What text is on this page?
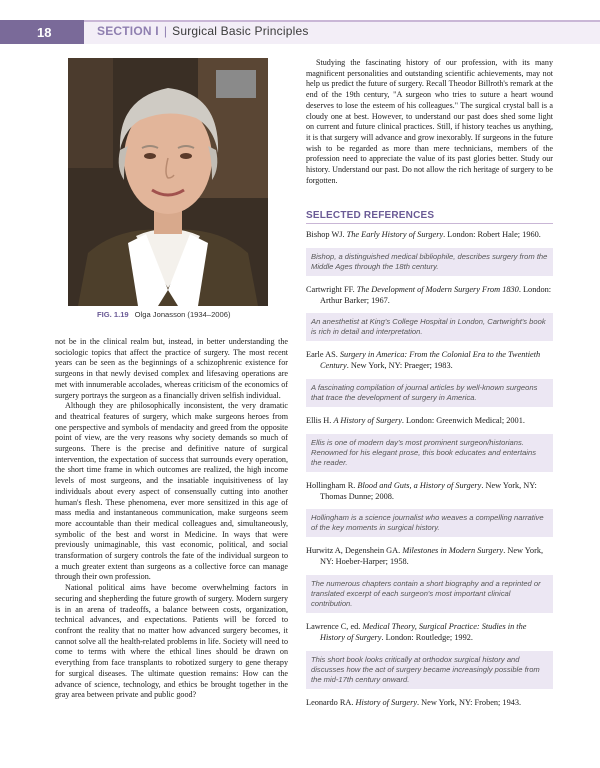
18	SECTION I | Surgical Basic Principles
FIG. 1.19 Olga Jonasson (1934–2006)

not be in the clinical realm but, instead, in better understanding the sociologic topics that affect the practice of surgery. The most recent years can be seen as the beginnings of a schizophrenic existence for surgeons in that newly devised complex and lifesaving operations are met with innumerable accolades, whereas criticism of the economics of surgery portrays the surgeon as a financially driven selfish individual.

Although they are philosophically inconsistent, the very dramatic and theatrical features of surgery, which make surgeons heroes from one perspective and symbols of mendacity and greed from the opposite point of view, are the very reasons why society demands so much of surgeons. There is the precise and definitive nature of surgical intervention, the expectation of success that surrounds every operation, the short time frame in which outcomes are realized, the high income levels of most surgeons, and the insatiable inquisitiveness of lay individuals about every aspect of consensually cutting into another human's flesh. These phenomena, ever more sensitized in this age of mass media and instantaneous communication, make surgeons seem more accountable than their medical colleagues and, simultaneously, symbolic of the best and worst in Medicine. In ways that were previously unimaginable, this vast economic, political, and social transformation of surgery controls the fate of the individual surgeon to a much greater extent than surgeons as a collective force can manage through their own profession.

National political aims have become overwhelming factors in securing and shepherding the future growth of surgery. Modern surgery is in an arena of tradeoffs, a balance between costs, organization, technical advances, and expectations. Patients will be forced to confront the reality that no matter how advanced surgery becomes, it cannot solve all the health-related problems in life. Society will need to come to terms with where the ethical lines should be drawn on everything from face transplants to robotized surgery to gene therapy for surgical diseases. The ultimate question remains: How can the advance of science, technology, and ethics be brought together in the gray area between private and public good?

Studying the fascinating history of our profession, with its many magnificent personalities and outstanding scientific achievements, may not help us predict the future of surgery. Recall Theodor Billroth's remark at the end of the 19th century, "A surgeon who tries to suture a heart wound deserves to lose the esteem of his colleagues." The surgical crystal ball is a cloudy one at best. However, to understand our past does shed some light on current and future clinical practices. Still, if history teaches us anything, it is that surgery will advance and grow inexorably. If surgeons in the future wish to be regarded as more than mere technicians, members of the profession need to appreciate the value of its past glories better. Study our history. Understand our past. Do not allow the rich heritage of surgery to be forgotten.
SELECTED REFERENCES
Bishop WJ. The Early History of Surgery. London: Robert Hale; 1960.
Bishop, a distinguished medical bibliophile, describes surgery from the Middle Ages through the 18th century.
Cartwright FF. The Development of Modern Surgery From 1830. London: Arthur Barker; 1967.
An anesthetist at King's College Hospital in London, Cartwright's book is rich in detail and interpretation.
Earle AS. Surgery in America: From the Colonial Era to the Twentieth Century. New York, NY: Praeger; 1983.
A fascinating compilation of journal articles by well-known surgeons that trace the development of surgery in America.
Ellis H. A History of Surgery. London: Greenwich Medical; 2001.
Ellis is one of modern day's most prominent surgeon/historians. Renowned for his elegant prose, this book educates and entertains the reader.
Hollingham R. Blood and Guts, a History of Surgery. New York, NY: Thomas Dunne; 2008.
Hollingham is a science journalist who weaves a compelling narrative of the key moments in surgical history.
Hurwitz A, Degenshein GA. Milestones in Modern Surgery. New York, NY: Hoeber-Harper; 1958.
The numerous chapters contain a short biography and a reprinted or translated excerpt of each surgeon's most important clinical contribution.
Lawrence C, ed. Medical Theory, Surgical Practice: Studies in the History of Surgery. London: Routledge; 1992.
This short book looks critically at orthodox surgical history and discusses how the act of surgery became increasingly possible from the mid-17th century onward.
Leonardo RA. History of Surgery. New York, NY: Froben; 1943.
